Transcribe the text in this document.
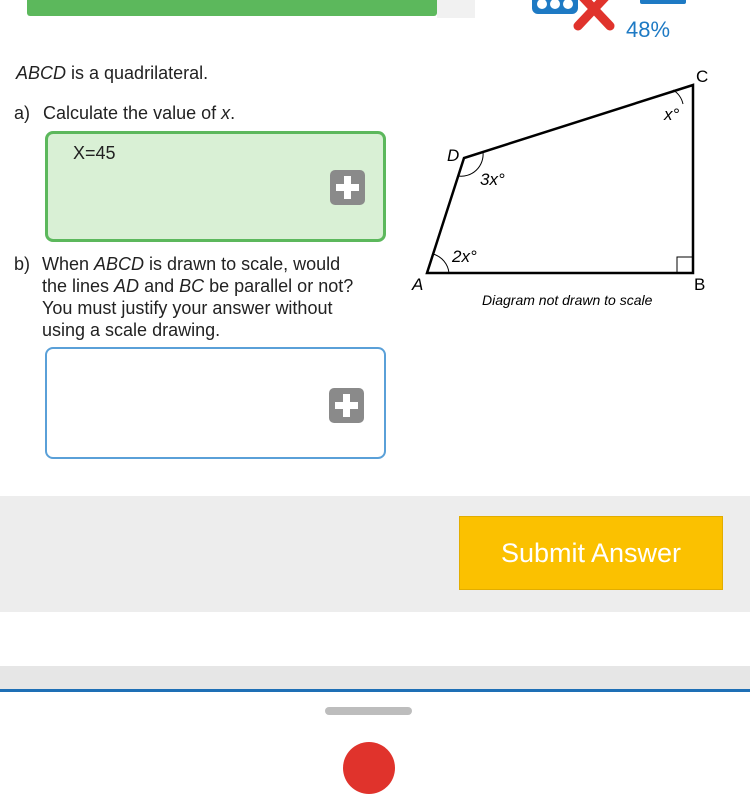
48%
ABCD is a quadrilateral.
a) Calculate the value of x.
X=45
b) When ABCD is drawn to scale, would
the lines AD and BC be parallel or not?
You must justify your answer without
using a scale drawing.
C
D
A	B
x°
3x°
2x°
Diagram not drawn to scale
Submit Answer
